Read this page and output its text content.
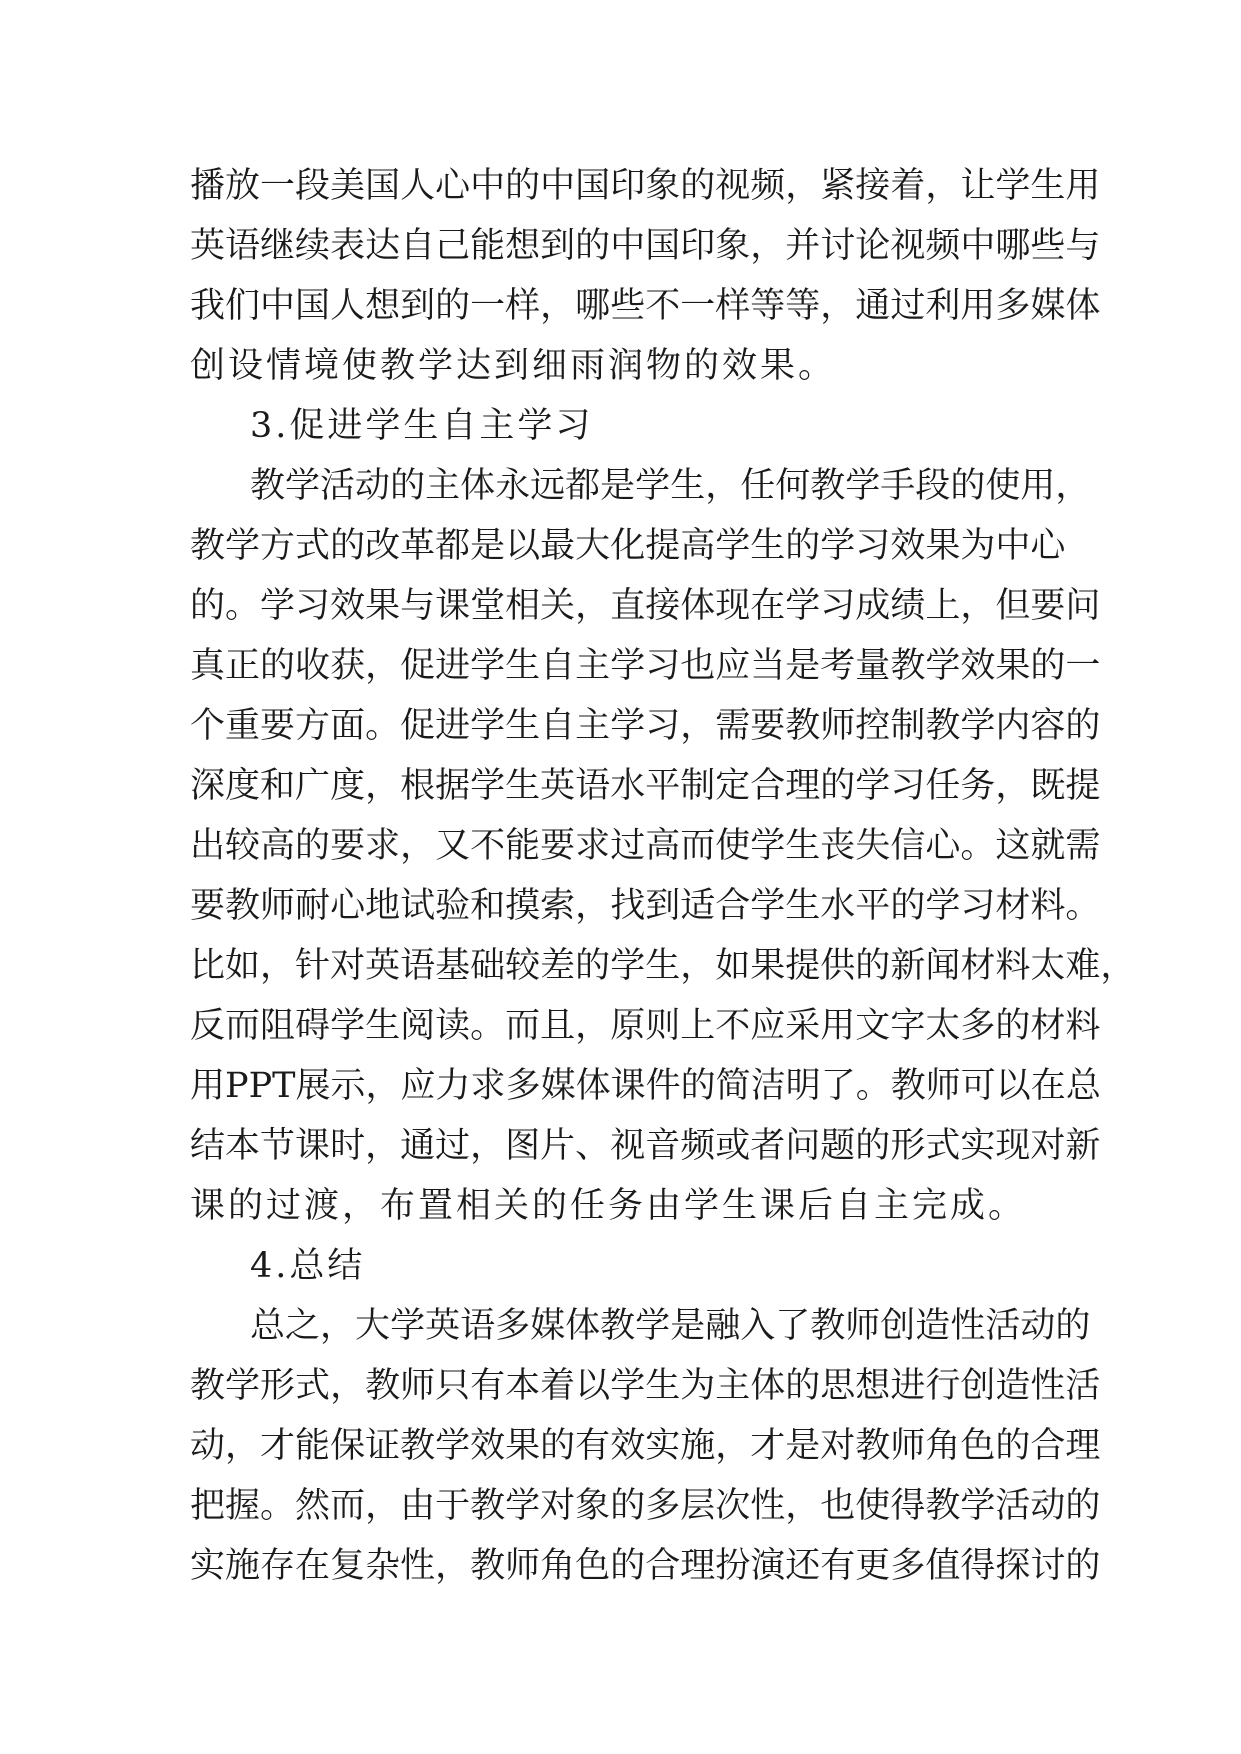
播 放 一 段 美 国 人 心 中 的 中 国 印 象 的 视 频 ， 紧 接 着 ， 让 学 生 用
英 语 继 续 表 达 自 己 能 想 到 的 中 国 印 象 ， 并 讨 论 视 频 中 哪 些 与
我 们 中 国 人 想 到 的 一 样 ， 哪 些 不 一 样 等 等 ， 通 过 利 用 多 媒 体
创设情境使教学达到细雨润物的效果。
3.促进学生自主学习
教 学 活 动 的 主 体 永 远 都 是 学 生 ， 任 何 教 学 手 段 的 使 用 ，
教 学 方 式 的 改 革 都 是 以 最 大 化 提 高 学 生 的 学 习 效 果 为 中 心
的 。 学 习 效 果 与 课 堂 相 关 ， 直 接 体 现 在 学 习 成 绩 上 ， 但 要 问
真 正 的 收 获 ， 促 进 学 生 自 主 学 习 也 应 当 是 考 量 教 学 效 果 的 一
个 重 要 方 面 。 促 进 学 生 自 主 学 习 ， 需 要 教 师 控 制 教 学 内 容 的
深 度 和 广 度 ， 根 据 学 生 英 语 水 平 制 定 合 理 的 学 习 任 务 ， 既 提
出 较 高 的 要 求 ， 又 不 能 要 求 过 高 而 使 学 生 丧 失 信 心 。 这 就 需
要 教 师 耐 心 地 试 验 和 摸 索 ， 找 到 适 合 学 生 水 平 的 学 习 材 料 。
比 如 ， 针 对 英 语 基 础 较 差 的 学 生 ， 如 果 提 供 的 新 闻 材 料 太 难 ，
反 而 阻 碍 学 生 阅 读 。 而 且 ， 原 则 上 不 应 采 用 文 字 太 多 的 材 料
用 PPT 展 示 ， 应 力 求 多 媒 体 课 件 的 简 洁 明 了 。 教 师 可 以 在 总
结 本 节 课 时 ， 通 过 ， 图 片 、 视 音 频 或 者 问 题 的 形 式 实 现 对 新
课的过渡，布置相关的任务由学生课后自主完成。
4.总结
总 之 ， 大 学 英 语 多 媒 体 教 学 是 融 入 了 教 师 创 造 性 活 动 的
教 学 形 式 ， 教 师 只 有 本 着 以 学 生 为 主 体 的 思 想 进 行 创 造 性 活
动 ， 才 能 保 证 教 学 效 果 的 有 效 实 施 ， 才 是 对 教 师 角 色 的 合 理
把 握 。 然 而 ， 由 于 教 学 对 象 的 多 层 次 性 ， 也 使 得 教 学 活 动 的
实 施 存 在 复 杂 性 ， 教 师 角 色 的 合 理 扮 演 还 有 更 多 值 得 探 讨 的
